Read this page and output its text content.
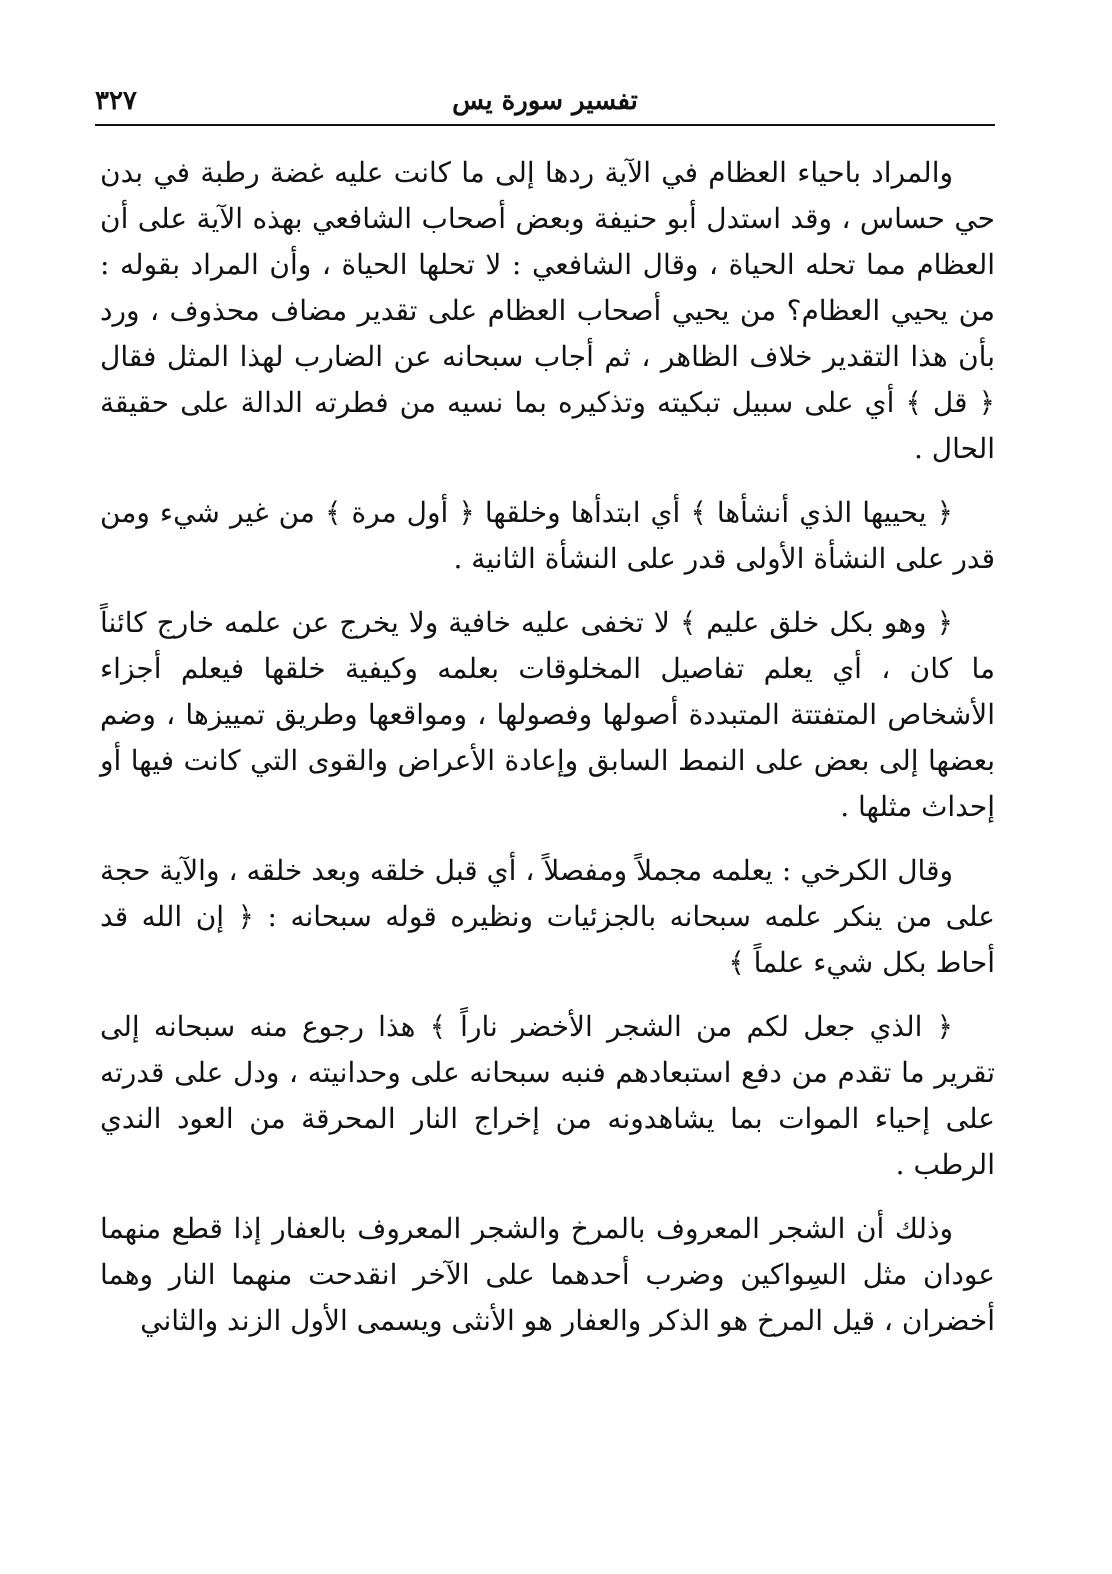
تفسير سورة يس
٣٢٧

والمراد باحياء العظام في الآية ردها إلى ما كانت عليه غضة رطبة في بدن حي حساس ، وقد استدل أبو حنيفة وبعض أصحاب الشافعي بهذه الآية على أن العظام مما تحله الحياة ، وقال الشافعي : لا تحلها الحياة ، وأن المراد بقوله : من يحيي العظام؟ من يحيي أصحاب العظام على تقدير مضاف محذوف ، ورد بأن هذا التقدير خلاف الظاهر ، ثم أجاب سبحانه عن الضارب لهذا المثل فقال ﴿ قل ﴾ أي على سبيل تبكيته وتذكيره بما نسيه من فطرته الدالة على حقيقة الحال .

﴿ يحييها الذي أنشأها ﴾ أي ابتدأها وخلقها ﴿ أول مرة ﴾ من غير شيء ومن قدر على النشأة الأولى قدر على النشأة الثانية .

﴿ وهو بكل خلق عليم ﴾ لا تخفى عليه خافية ولا يخرج عن علمه خارج كائناً ما كان ، أي يعلم تفاصيل المخلوقات بعلمه وكيفية خلقها فيعلم أجزاء الأشخاص المتفتتة المتبددة أصولها وفصولها ، ومواقعها وطريق تمييزها ، وضم بعضها إلى بعض على النمط السابق وإعادة الأعراض والقوى التي كانت فيها أو إحداث مثلها .

وقال الكرخي : يعلمه مجملاً ومفصلاً ، أي قبل خلقه وبعد خلقه ، والآية حجة على من ينكر علمه سبحانه بالجزئيات ونظيره قوله سبحانه : ﴿ إن الله قد أحاط بكل شيء علماً ﴾

﴿ الذي جعل لكم من الشجر الأخضر ناراً ﴾ هذا رجوع منه سبحانه إلى تقرير ما تقدم من دفع استبعادهم فنبه سبحانه على وحدانيته ، ودل على قدرته على إحياء الموات بما يشاهدونه من إخراج النار المحرقة من العود الندي الرطب .

وذلك أن الشجر المعروف بالمرخ والشجر المعروف بالعفار إذا قطع منهما عودان مثل السِواكين وضرب أحدهما على الآخر انقدحت منهما النار وهما أخضران ، قيل المرخ هو الذكر والعفار هو الأنثى ويسمى الأول الزند والثاني
